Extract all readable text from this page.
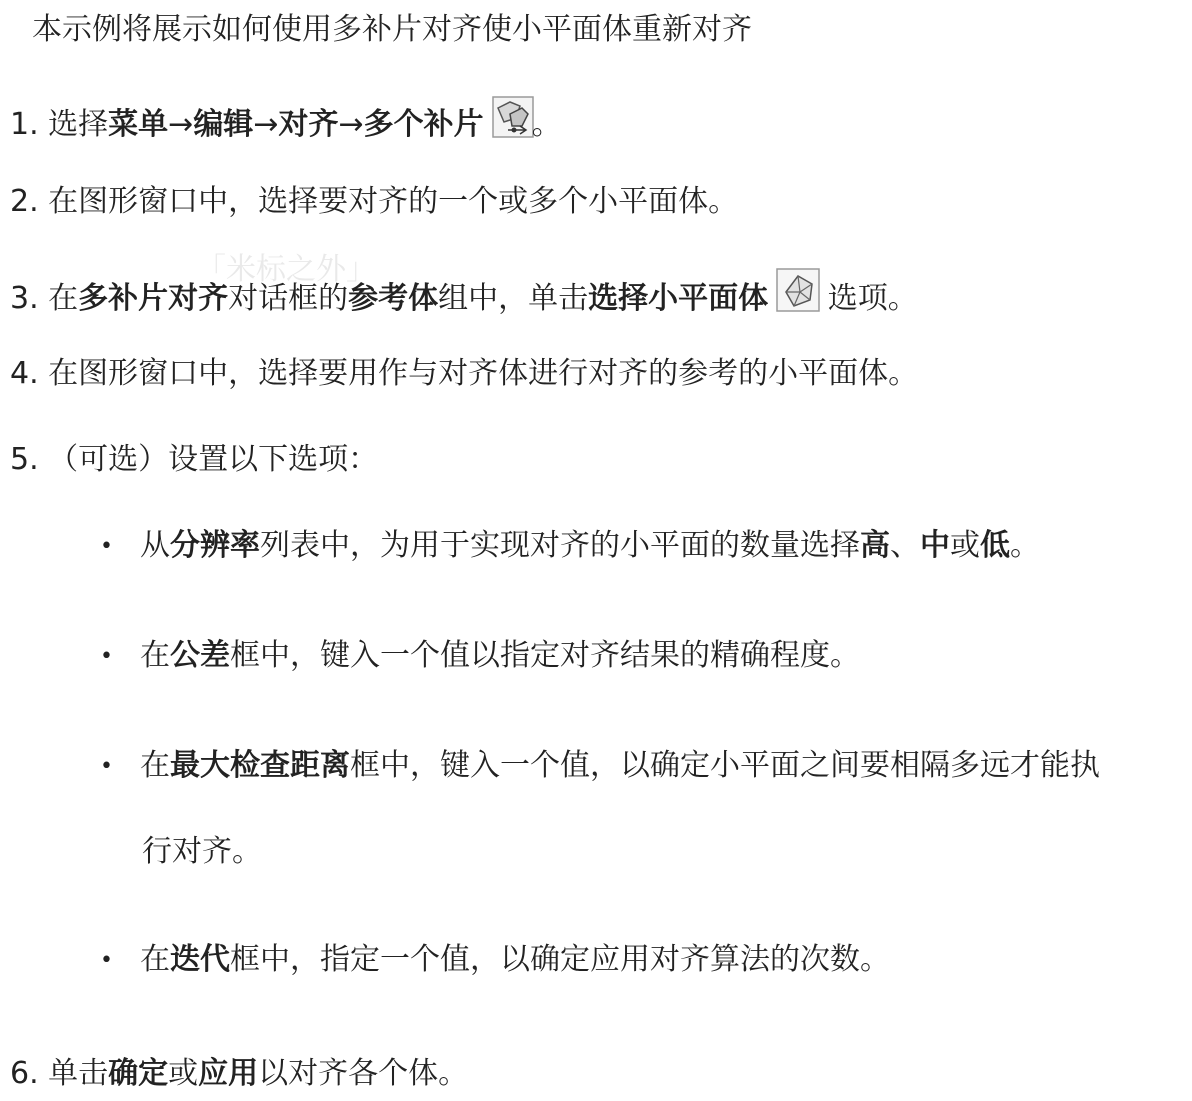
本示例将展示如何使用多补片对齐使小平面体重新对齐
「米标之外」
1. 选择菜单→编辑→对齐→多个补片 。
2. 在图形窗口中，选择要对齐的一个或多个小平面体。
3. 在多补片对齐对话框的参考体组中，单击选择小平面体 选项。
4. 在图形窗口中，选择要用作与对齐体进行对齐的参考的小平面体。
5. （可选）设置以下选项：
• 从分辨率列表中，为用于实现对齐的小平面的数量选择高、中或低。
• 在公差框中，键入一个值以指定对齐结果的精确程度。
• 在最大检查距离框中，键入一个值，以确定小平面之间要相隔多远才能执
行对齐。
• 在迭代框中，指定一个值，以确定应用对齐算法的次数。
6. 单击确定或应用以对齐各个体。
